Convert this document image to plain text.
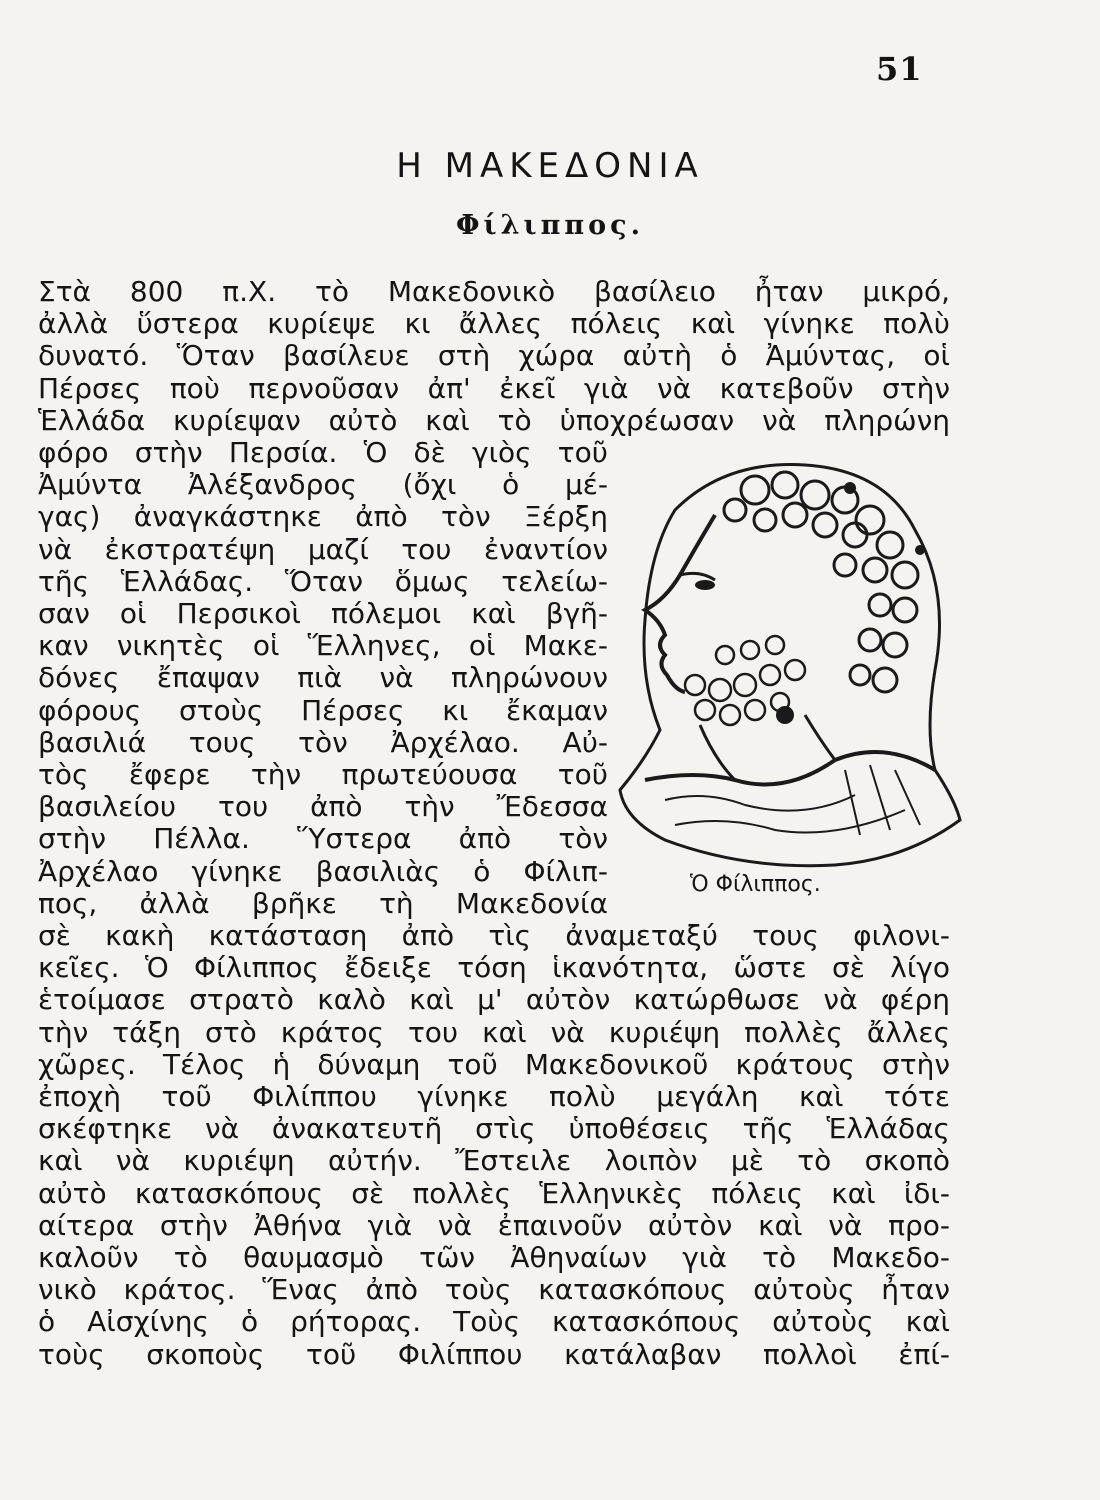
51
Η ΜΑΚΕΔΟΝΙΑ
Φίλιππος.
Στὰ 800 π.Χ. τὸ Μακεδονικὸ βασίλειο ἦταν μικρό,
ἀλλὰ ὕστερα κυρίεψε κι ἄλλες πόλεις καὶ γίνηκε πολὺ
δυνατό. Ὅταν βασίλευε στὴ χώρα αὐτὴ ὁ Ἀμύντας, οἱ
Πέρσες ποὺ περνοῦσαν ἀπ' ἐκεῖ γιὰ νὰ κατεβοῦν στὴν
Ἑλλάδα κυρίεψαν αὐτὸ καὶ τὸ ὑποχρέωσαν νὰ πληρώνη
φόρο στὴν Περσία. Ὁ δὲ γιὸς τοῦ
Ἀμύντα Ἀλέξανδρος (ὄχι ὁ μέ-
γας) ἀναγκάστηκε ἀπὸ τὸν Ξέρξη
νὰ ἐκστρατέψη μαζί του ἐναντίον
τῆς Ἑλλάδας. Ὅταν ὅμως τελείω-
σαν οἱ Περσικοὶ πόλεμοι καὶ βγῆ-
καν νικητὲς οἱ Ἕλληνες, οἱ Μακε-
δόνες ἔπαψαν πιὰ νὰ πληρώνουν
φόρους στοὺς Πέρσες κι ἔκαμαν
βασιλιά τους τὸν Ἀρχέλαο. Αὐ-
τὸς ἔφερε τὴν πρωτεύουσα τοῦ
βασιλείου του ἀπὸ τὴν Ἔδεσσα
στὴν Πέλλα. Ὕστερα ἀπὸ τὸν
Ἀρχέλαο γίνηκε βασιλιὰς ὁ Φίλιπ-
πος, ἀλλὰ βρῆκε τὴ Μακεδονία
σὲ κακὴ κατάσταση ἀπὸ τὶς ἀναμεταξύ τους φιλονι-
κεῖες. Ὁ Φίλιππος ἔδειξε τόση ἱκανότητα, ὥστε σὲ λίγο
ἑτοίμασε στρατὸ καλὸ καὶ μ' αὐτὸν κατώρθωσε νὰ φέρη
τὴν τάξη στὸ κράτος του καὶ νὰ κυριέψη πολλὲς ἄλλες
χῶρες. Τέλος ἡ δύναμη τοῦ Μακεδονικοῦ κράτους στὴν
ἐποχὴ τοῦ Φιλίππου γίνηκε πολὺ μεγάλη καὶ τότε
σκέφτηκε νὰ ἀνακατευτῆ στὶς ὑποθέσεις τῆς Ἑλλάδας
καὶ νὰ κυριέψη αὐτήν. Ἔστειλε λοιπὸν μὲ τὸ σκοπὸ
αὐτὸ κατασκόπους σὲ πολλὲς Ἑλληνικὲς πόλεις καὶ ἰδι-
αίτερα στὴν Ἀθήνα γιὰ νὰ ἐπαινοῦν αὐτὸν καὶ νὰ προ-
καλοῦν τὸ θαυμασμὸ τῶν Ἀθηναίων γιὰ τὸ Μακεδο-
νικὸ κράτος. Ἕνας ἀπὸ τοὺς κατασκόπους αὐτοὺς ἦταν
ὁ Αἰσχίνης ὁ ρήτορας. Τοὺς κατασκόπους αὐτοὺς καὶ
τοὺς σκοποὺς τοῦ Φιλίππου κατάλαβαν πολλοὶ ἐπί-
Ὁ Φίλιππος.
